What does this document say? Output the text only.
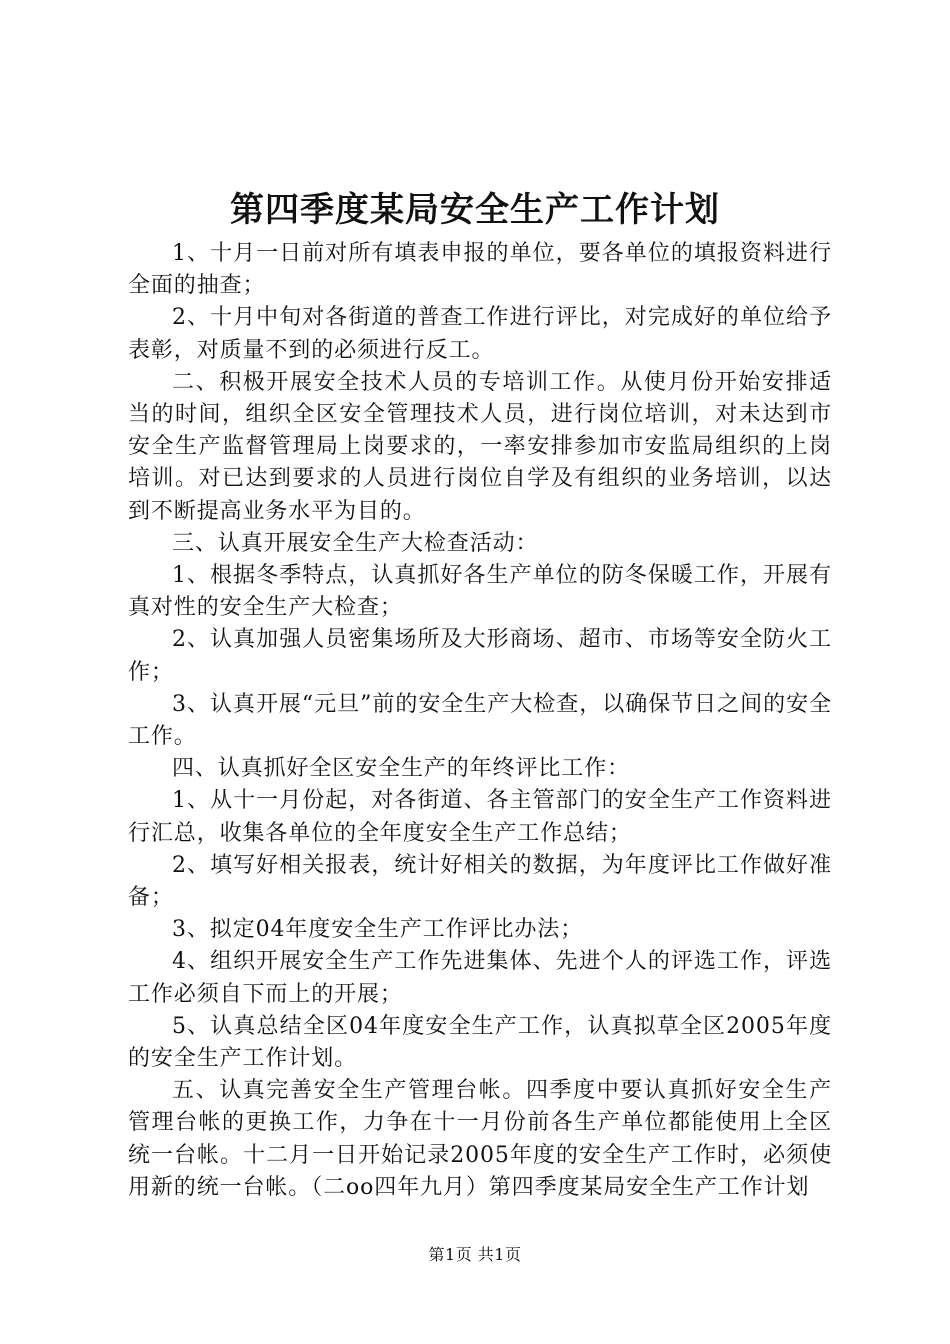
第四季度某局安全生产工作计划

1、十月一日前对所有填表申报的单位，要各单位的填报资料进行全面的抽查；

2、十月中旬对各街道的普查工作进行评比，对完成好的单位给予表彰，对质量不到的必须进行反工。

二、积极开展安全技术人员的专培训工作。从使月份开始安排适当的时间，组织全区安全管理技术人员，进行岗位培训，对未达到市安全生产监督管理局上岗要求的，一率安排参加市安监局组织的上岗培训。对已达到要求的人员进行岗位自学及有组织的业务培训，以达到不断提高业务水平为目的。

三、认真开展安全生产大检查活动：

1、根据冬季特点，认真抓好各生产单位的防冬保暖工作，开展有真对性的安全生产大检查；

2、认真加强人员密集场所及大形商场、超市、市场等安全防火工作；

3、认真开展“元旦”前的安全生产大检查，以确保节日之间的安全工作。

四、认真抓好全区安全生产的年终评比工作：

1、从十一月份起，对各街道、各主管部门的安全生产工作资料进行汇总，收集各单位的全年度安全生产工作总结；

2、填写好相关报表，统计好相关的数据，为年度评比工作做好准备；

3、拟定04年度安全生产工作评比办法；

4、组织开展安全生产工作先进集体、先进个人的评选工作，评选工作必须自下而上的开展；

5、认真总结全区04年度安全生产工作，认真拟草全区2005年度的安全生产工作计划。

五、认真完善安全生产管理台帐。四季度中要认真抓好安全生产管理台帐的更换工作，力争在十一月份前各生产单位都能使用上全区统一台帐。十二月一日开始记录2005年度的安全生产工作时，必须使用新的统一台帐。（二oo四年九月）第四季度某局安全生产工作计划

第1页 共1页
